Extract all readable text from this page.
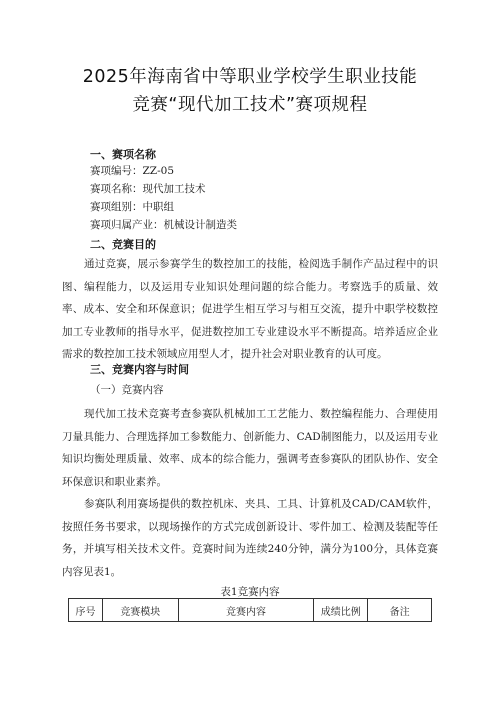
2025年海南省中等职业学校学生职业技能
竞赛“现代加工技术”赛项规程
一、赛项名称
赛项编号：ZZ-05
赛项名称：现代加工技术
赛项组别：中职组
赛项归属产业：机械设计制造类
二、竞赛目的

通过竞赛，展示参赛学生的数控加工的技能，检阅选手制作产品过程中的识图、编程能力，以及运用专业知识处理问题的综合能力。考察选手的质量、效率、成本、安全和环保意识；促进学生相互学习与相互交流，提升中职学校数控加工专业教师的指导水平，促进数控加工专业建设水平不断提高。培养适应企业需求的数控加工技术领域应用型人才，提升社会对职业教育的认可度。

三、竞赛内容与时间
（一）竞赛内容

现代加工技术竞赛考查参赛队机械加工工艺能力、数控编程能力、合理使用刀量具能力、合理选择加工参数能力、创新能力、CAD制图能力，以及运用专业知识均衡处理质量、效率、成本的综合能力，强调考查参赛队的团队协作、安全环保意识和职业素养。

参赛队利用赛场提供的数控机床、夹具、工具、计算机及CAD/CAM软件，按照任务书要求，以现场操作的方式完成创新设计、零件加工、检测及装配等任务，并填写相关技术文件。竞赛时间为连续240分钟，满分为100分，具体竞赛内容见表1。

表1竞赛内容
序号	竞赛模块	竞赛内容	成绩比例	备注
